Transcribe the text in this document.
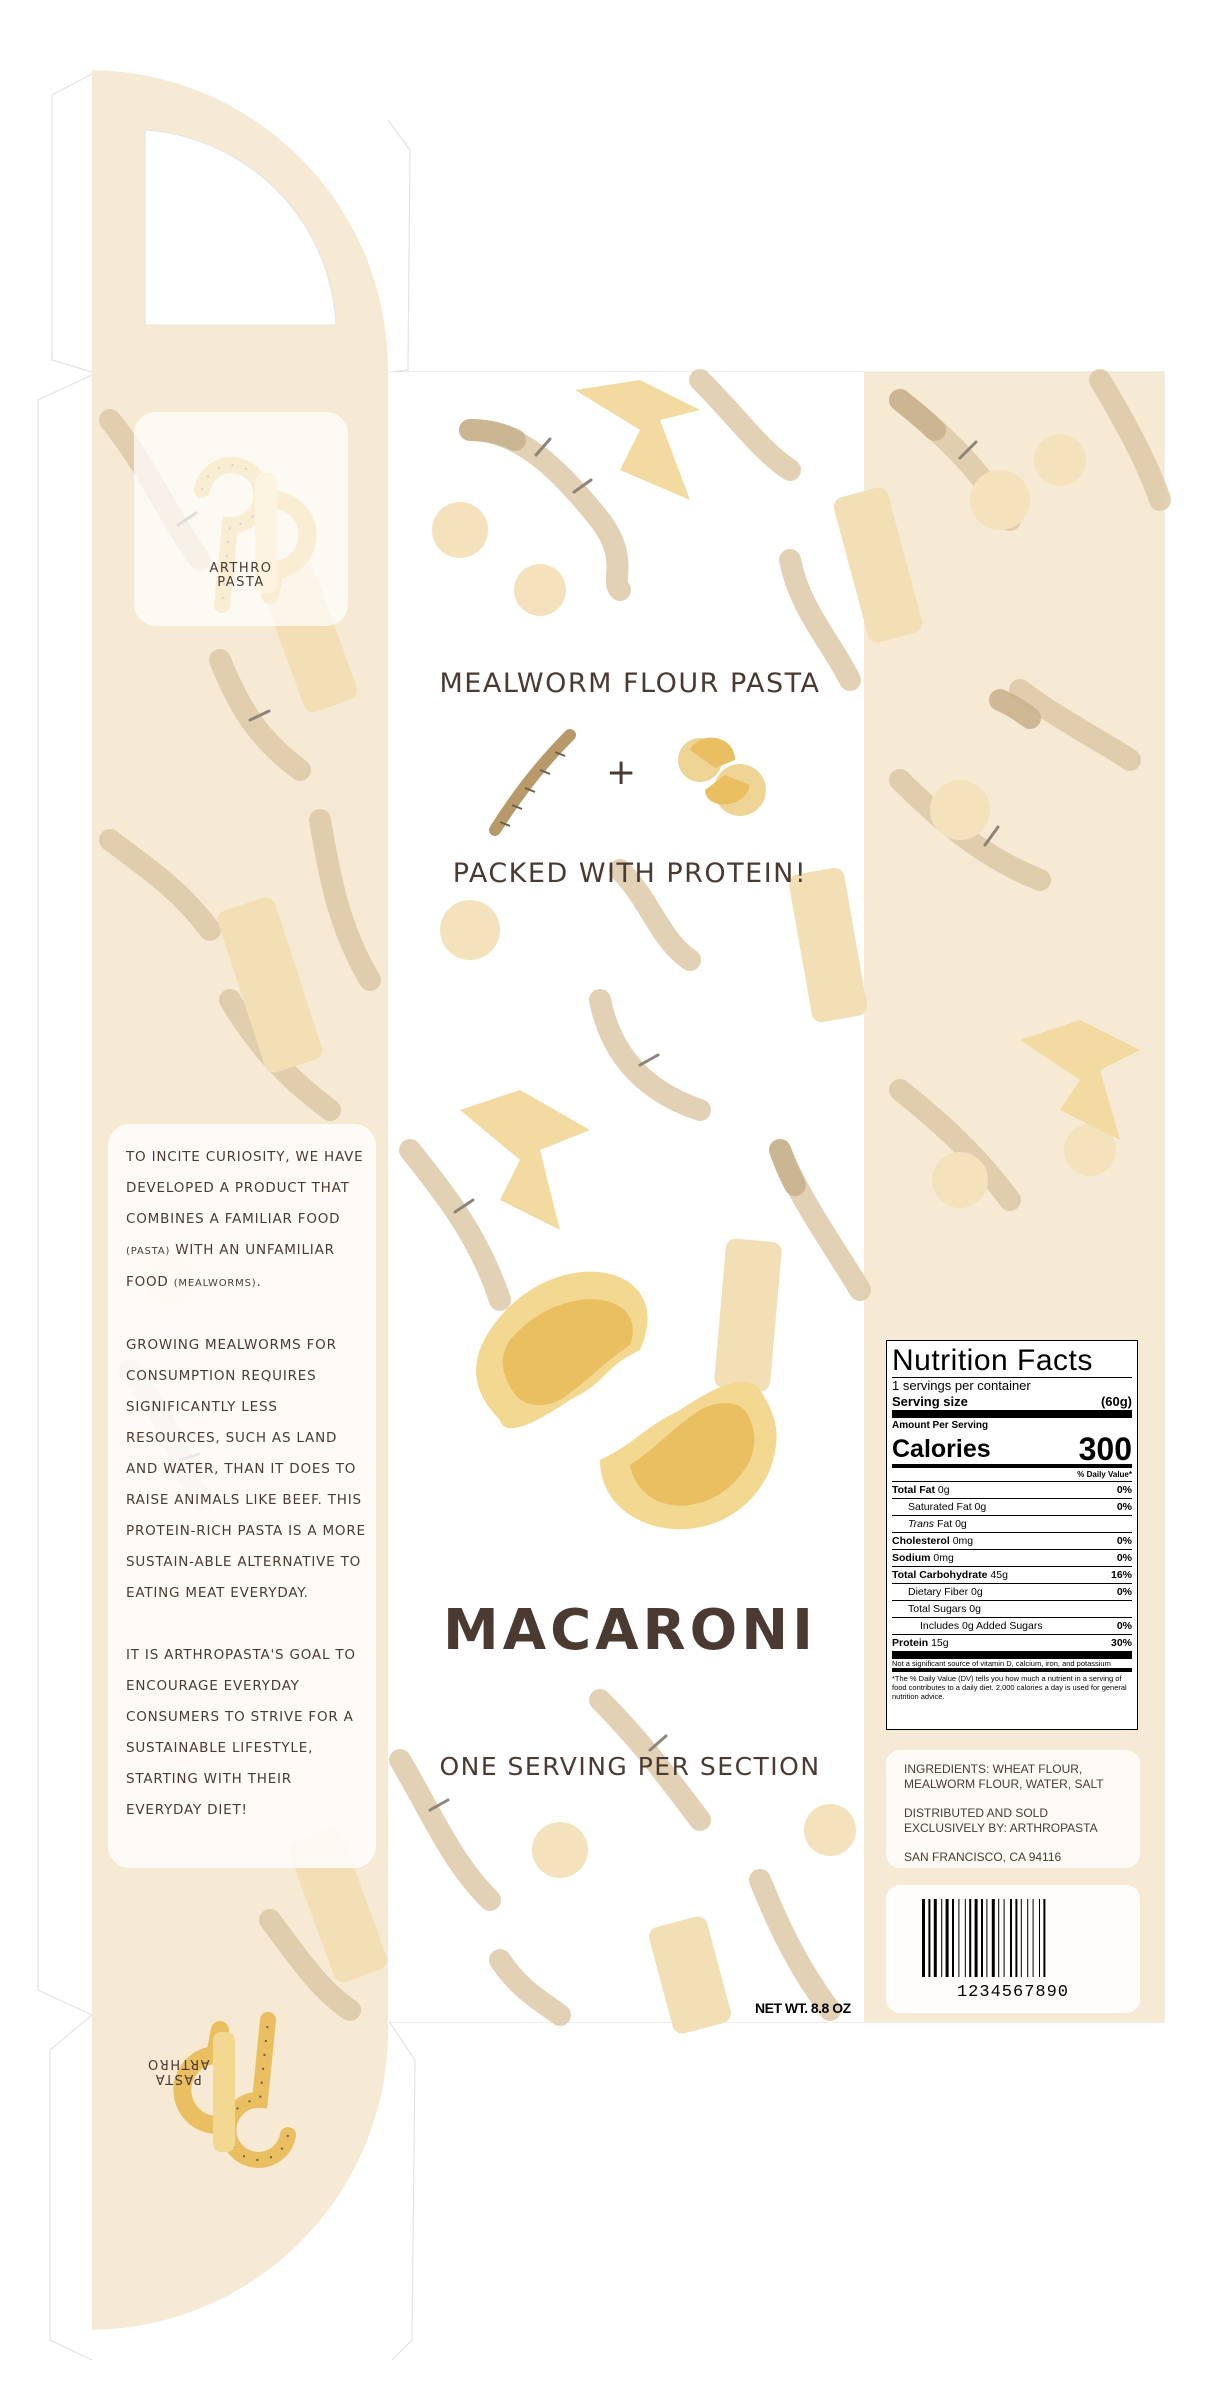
ARTHRO
PASTA
ARTHRO
PASTA

TO INCITE CURIOSITY, WE HAVE DEVELOPED A PRODUCT THAT COMBINES A FAMILIAR FOOD (PASTA) WITH AN UNFAMILIAR FOOD (MEALWORMS).

GROWING MEALWORMS FOR CONSUMPTION REQUIRES SIGNIFICANTLY LESS RESOURCES, SUCH AS LAND AND WATER, THAN IT DOES TO RAISE ANIMALS LIKE BEEF. THIS PROTEIN-RICH PASTA IS A MORE SUSTAIN-ABLE ALTERNATIVE TO EATING MEAT EVERYDAY.

IT IS ARTHROPASTA'S GOAL TO ENCOURAGE EVERYDAY CONSUMERS TO STRIVE FOR A SUSTAINABLE LIFESTYLE, STARTING WITH THEIR EVERYDAY DIET!

MEALWORM FLOUR PASTA
+
PACKED WITH PROTEIN!
MACARONI
ONE SERVING PER SECTION
NET WT. 8.8 OZ
Nutrition Facts
1 servings per container
Serving size	(60g)
Amount Per Serving
Calories	300
% Daily Value*
Total Fat 0g	0%
Saturated Fat 0g	0%
Trans Fat 0g
Cholesterol 0mg	0%
Sodium 0mg	0%
Total Carbohydrate 45g	16%
Dietary Fiber 0g	0%
Total Sugars 0g
Includes 0g Added Sugars	0%
Protein 15g	30%
Not a significant source of vitamin D, calcium, iron, and potassium
*The % Daily Value (DV) tells you how much a nutrient in a serving of food contributes to a daily diet. 2,000 calories a day is used for general nutrition advice.

INGREDIENTS: WHEAT FLOUR, MEALWORM FLOUR, WATER, SALT

DISTRIBUTED AND SOLD EXCLUSIVELY BY: ARTHROPASTA

SAN FRANCISCO, CA 94116

1234567890
